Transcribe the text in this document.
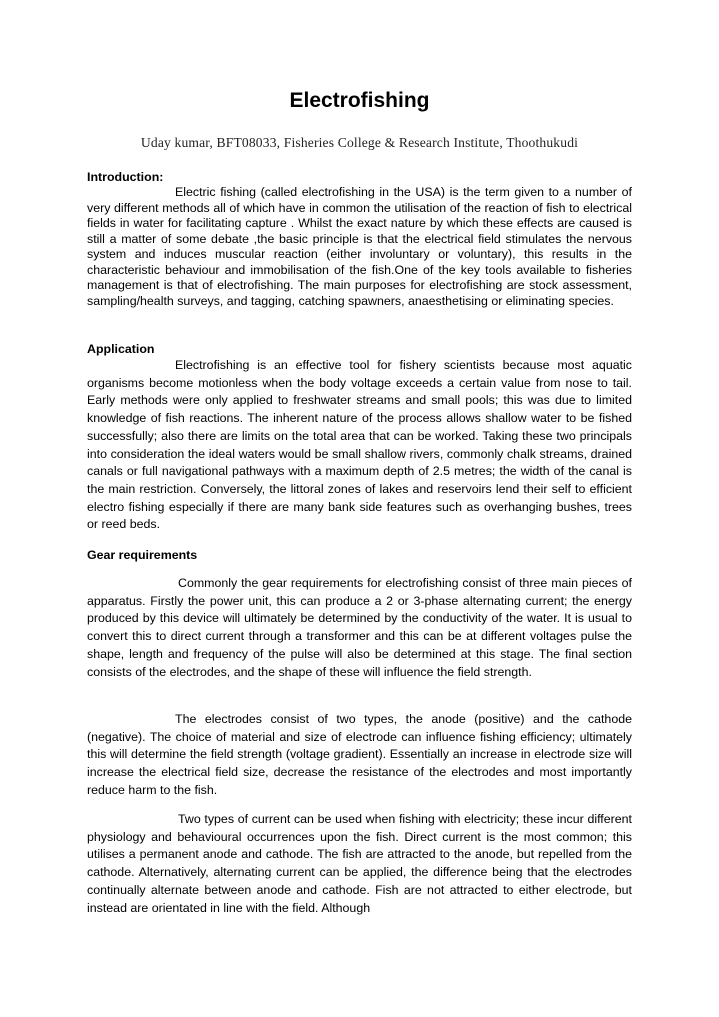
Electrofishing
Uday kumar, BFT08033, Fisheries College & Research Institute, Thoothukudi

Introduction:

Electric fishing (called electrofishing in the USA) is the term given to a number of very different methods all of which have in common the utilisation of the reaction of fish to electrical fields in water for facilitating capture . Whilst the exact nature by which these effects are caused is still a matter of some debate ,the basic principle is that the electrical field stimulates the nervous system and induces muscular reaction (either involuntary or voluntary), this results in the characteristic behaviour and immobilisation of the fish.One of the key tools available to fisheries management is that of electrofishing. The main purposes for electrofishing are stock assessment, sampling/health surveys, and tagging, catching spawners, anaesthetising or eliminating species.

Application

Electrofishing is an effective tool for fishery scientists because most aquatic organisms become motionless when the body voltage exceeds a certain value from nose to tail. Early methods were only applied to freshwater streams and small pools; this was due to limited knowledge of fish reactions. The inherent nature of the process allows shallow water to be fished successfully; also there are limits on the total area that can be worked. Taking these two principals into consideration the ideal waters would be small shallow rivers, commonly chalk streams, drained canals or full navigational pathways with a maximum depth of 2.5 metres; the width of the canal is the main restriction. Conversely, the littoral zones of lakes and reservoirs lend their self to efficient electro fishing especially if there are many bank side features such as overhanging bushes, trees or reed beds.

Gear requirements

Commonly the gear requirements for electrofishing consist of three main pieces of apparatus. Firstly the power unit, this can produce a 2 or 3-phase alternating current; the energy produced by this device will ultimately be determined by the conductivity of the water. It is usual to convert this to direct current through a transformer and this can be at different voltages pulse the shape, length and frequency of the pulse will also be determined at this stage. The final section consists of the electrodes, and the shape of these will influence the field strength.

The electrodes consist of two types, the anode (positive) and the cathode (negative). The choice of material and size of electrode can influence fishing efficiency; ultimately this will determine the field strength (voltage gradient). Essentially an increase in electrode size will increase the electrical field size, decrease the resistance of the electrodes and most importantly reduce harm to the fish.

Two types of current can be used when fishing with electricity; these incur different physiology and behavioural occurrences upon the fish. Direct current is the most common; this utilises a permanent anode and cathode. The fish are attracted to the anode, but repelled from the cathode. Alternatively, alternating current can be applied, the difference being that the electrodes continually alternate between anode and cathode. Fish are not attracted to either electrode, but instead are orientated in line with the field. Although
